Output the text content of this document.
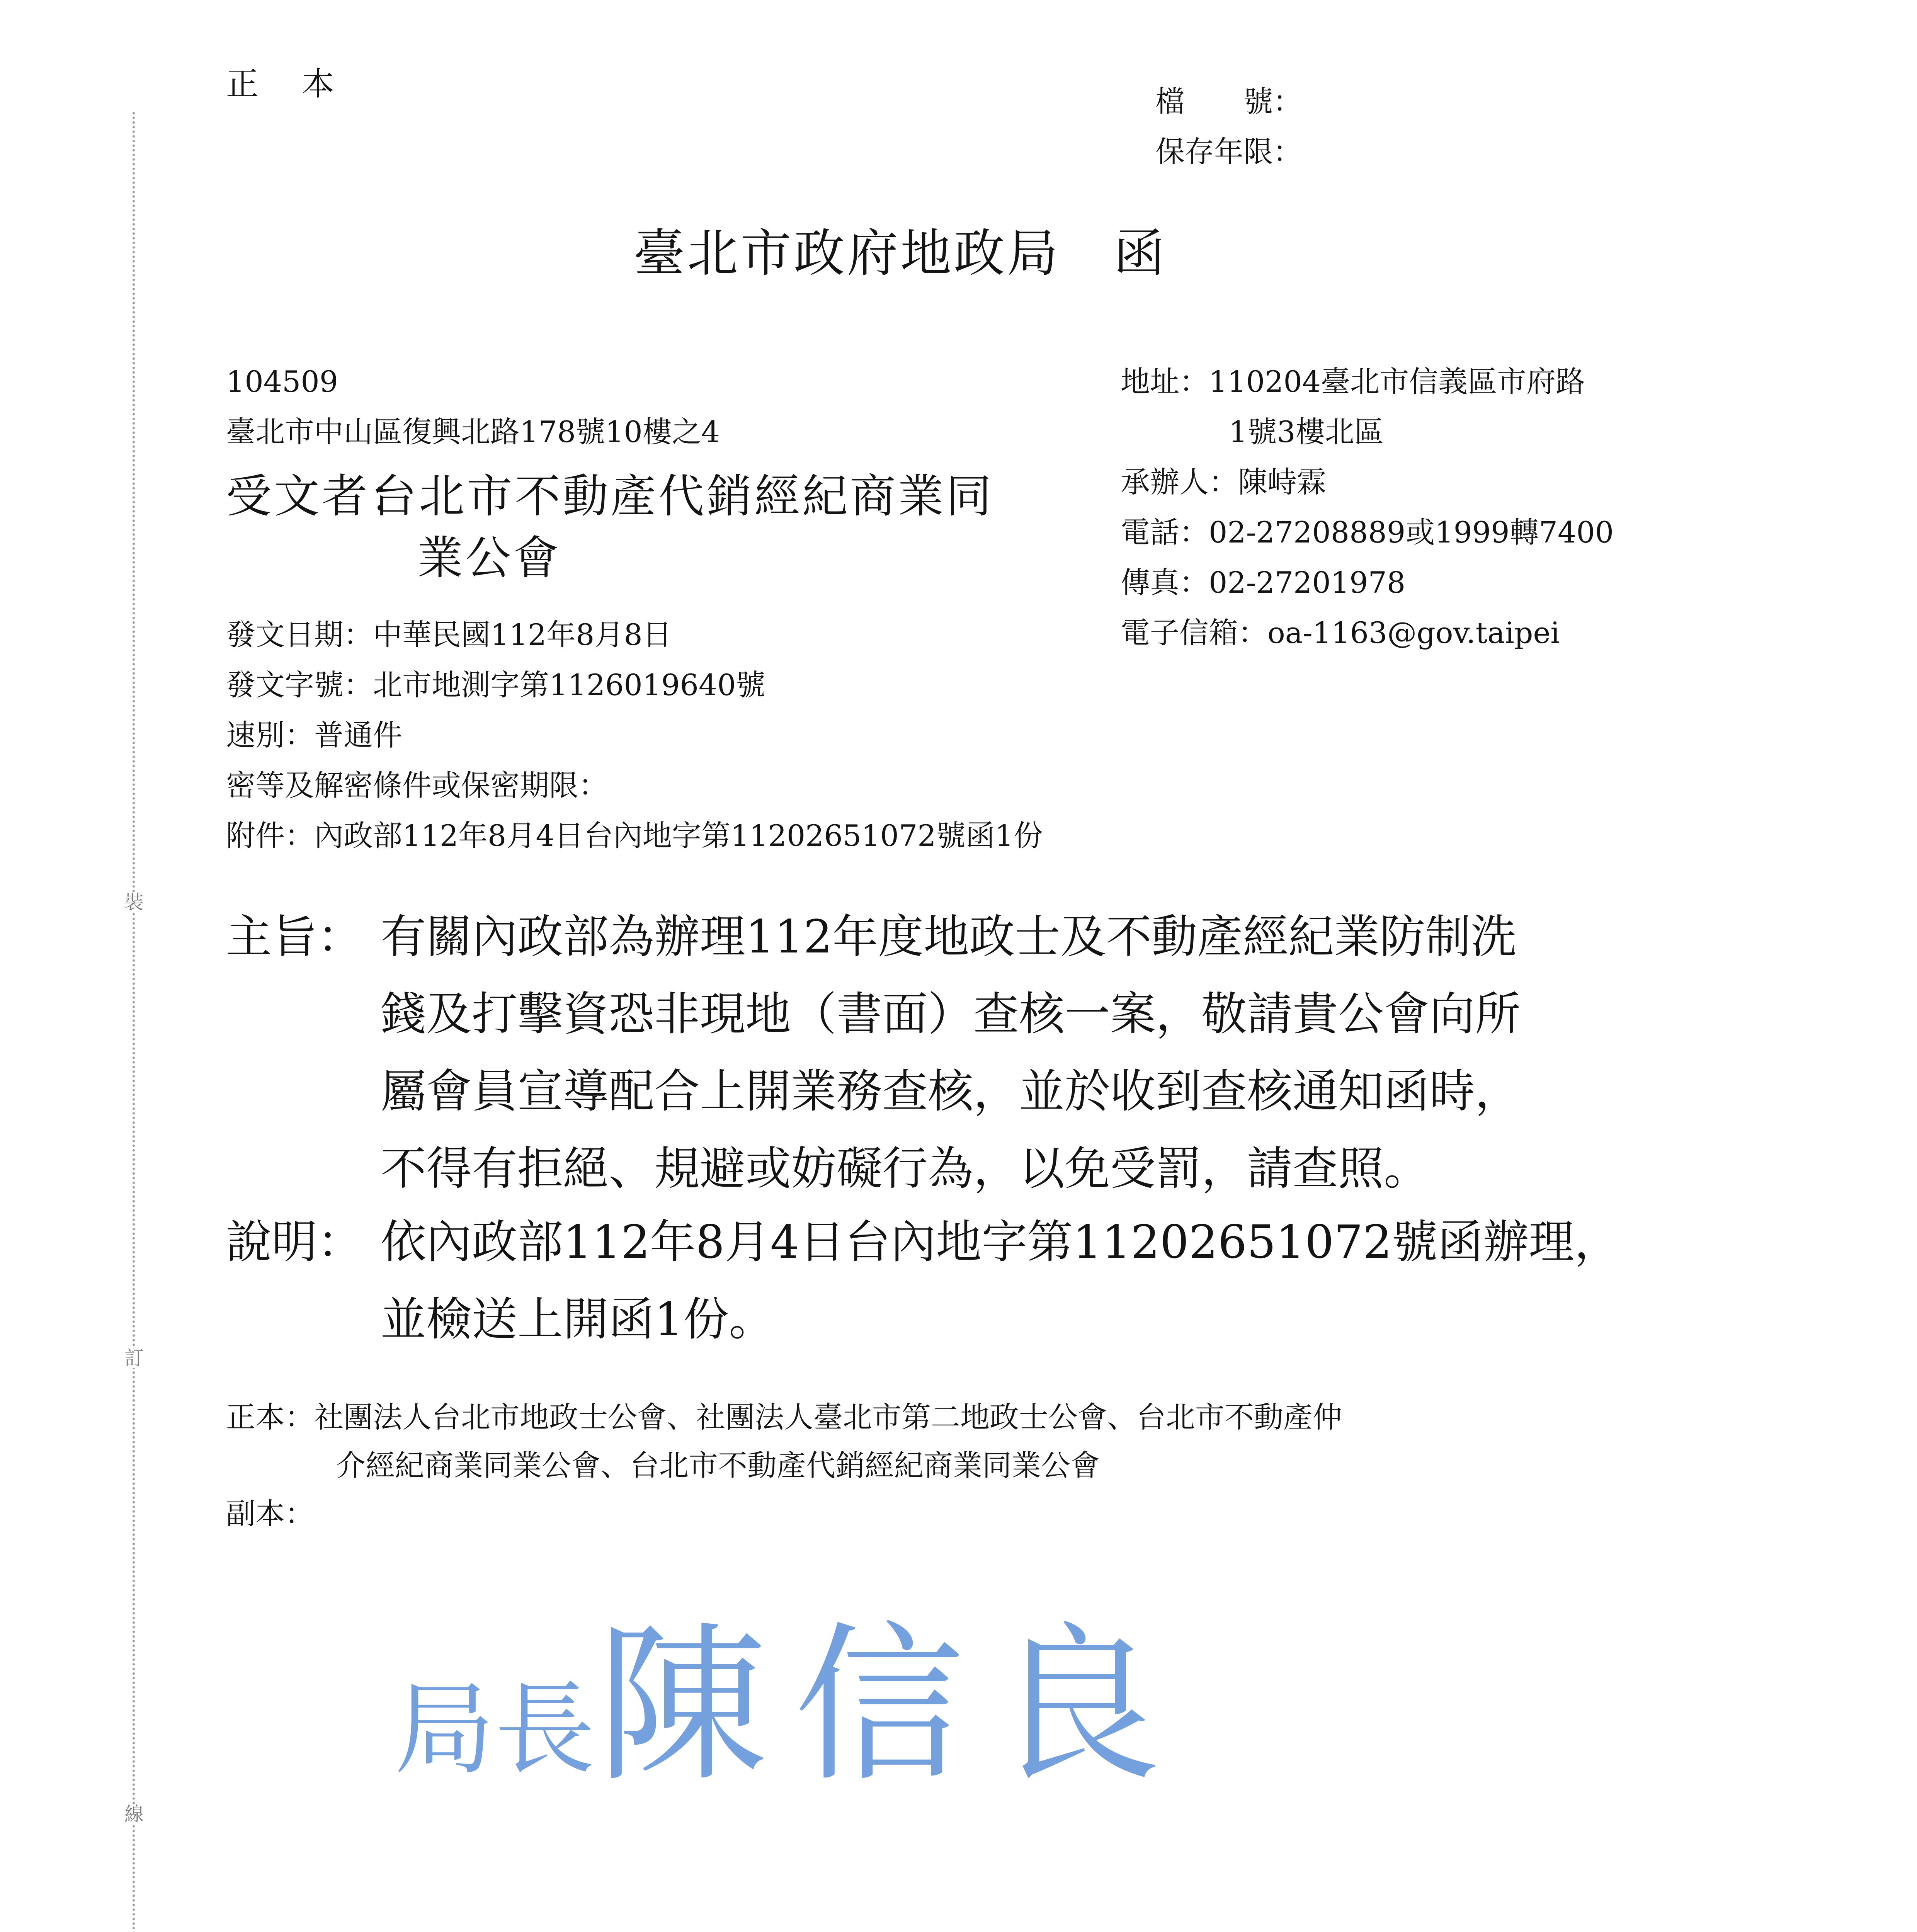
裝
訂
線
正　本	檔　　號：
保存年限：
臺北市政府地政局　函
104509
臺北市中山區復興北路178號10樓之4
地址：110204臺北市信義區市府路
1號3樓北區
承辦人：陳峙霖
電話：02-27208889或1999轉7400
傳真：02-27201978
電子信箱：oa-1163@gov.taipei
受文者：
台北市不動產代銷經紀商業同
業公會
發文日期：中華民國112年8月8日
發文字號：北市地測字第1126019640號
速別：普通件
密等及解密條件或保密期限：
附件：內政部112年8月4日台內地字第11202651072號函1份
主旨： 有關內政部為辦理112年度地政士及不動產經紀業防制洗
錢及打擊資恐非現地（書面）查核一案，敬請貴公會向所
屬會員宣導配合上開業務查核，並於收到查核通知函時，
不得有拒絕、規避或妨礙行為，以免受罰，請查照。
說明： 依內政部112年8月4日台內地字第11202651072號函辦理，
並檢送上開函1份。
正本：社團法人台北市地政士公會、社團法人臺北市第二地政士公會、台北市不動產仲
介經紀商業同業公會、台北市不動產代銷經紀商業同業公會
副本：
局長 陳信良
